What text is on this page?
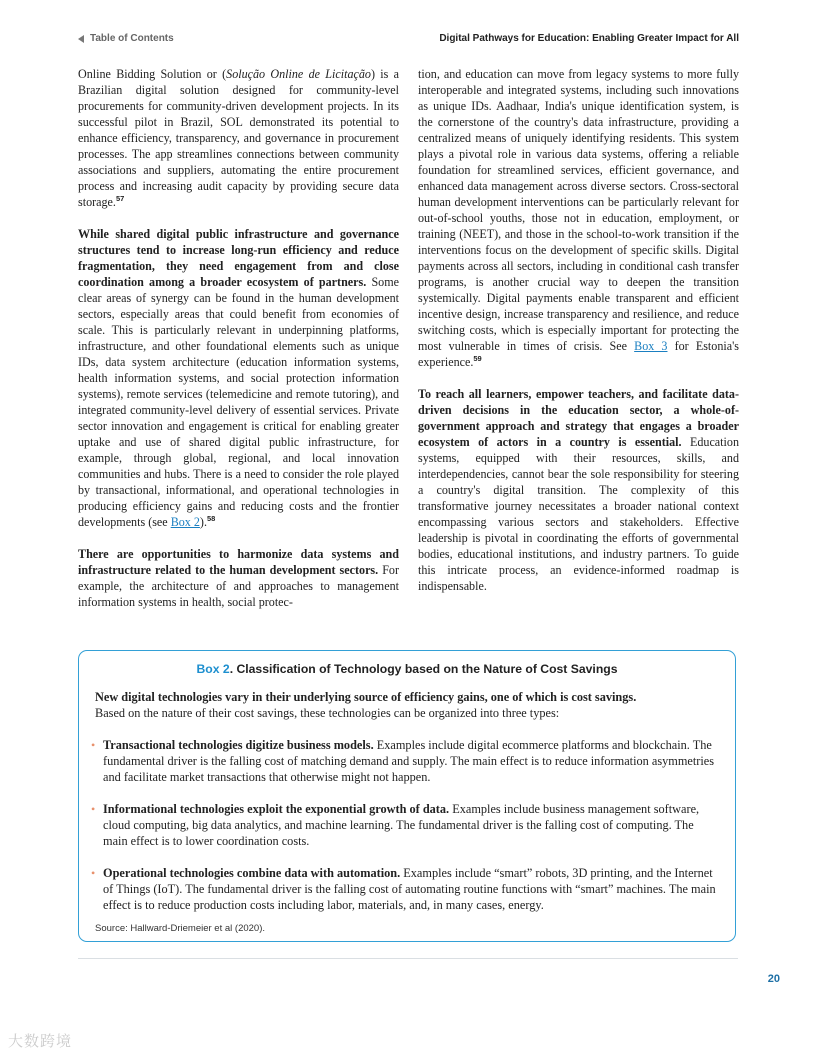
Table of Contents	Digital Pathways for Education: Enabling Greater Impact for All

Online Bidding Solution or (Solução Online de Licitação) is a Brazilian digital solution designed for community-level procurements for community-driven development projects. In its successful pilot in Brazil, SOL demonstrated its potential to enhance efficiency, transparency, and governance in procurement processes. The app streamlines connections between community associations and suppliers, automating the entire procurement process and increasing audit capacity by providing secure data storage.$^{57}$

While shared digital public infrastructure and governance structures tend to increase long-run efficiency and reduce fragmentation, they need engagement from and close coordination among a broader ecosystem of partners. Some clear areas of synergy can be found in the human development sectors, especially areas that could benefit from economies of scale. This is particularly relevant in underpinning platforms, infrastructure, and other foundational elements such as unique IDs, data system architecture (education information systems, health information systems, and social protection information systems), remote services (telemedicine and remote tutoring), and integrated community-level delivery of essential services. Private sector innovation and engagement is critical for enabling greater uptake and use of shared digital public infrastructure, for example, through global, regional, and local innovation communities and hubs. There is a need to consider the role played by transactional, informational, and operational technologies in producing efficiency gains and reducing costs and the frontier developments (see Box 2).$^{58}$

There are opportunities to harmonize data systems and infrastructure related to the human development sectors. For example, the architecture of and approaches to management information systems in health, social protec-

tion, and education can move from legacy systems to more fully interoperable and integrated systems, including such innovations as unique IDs. Aadhaar, India's unique identification system, is the cornerstone of the country's data infrastructure, providing a centralized means of uniquely identifying residents. This system plays a pivotal role in various data systems, offering a reliable foundation for streamlined services, efficient governance, and enhanced data management across diverse sectors. Cross-sectoral human development interventions can be particularly relevant for out-of-school youths, those not in education, employment, or training (NEET), and those in the school-to-work transition if the interventions focus on the development of specific skills. Digital payments across all sectors, including in conditional cash transfer programs, is another crucial way to deepen the transition systemically. Digital payments enable transparent and efficient incentive design, increase transparency and resilience, and reduce switching costs, which is especially important for protecting the most vulnerable in times of crisis. See Box 3 for Estonia's experience.$^{59}$

To reach all learners, empower teachers, and facilitate data-driven decisions in the education sector, a whole-of-government approach and strategy that engages a broader ecosystem of actors in a country is essential. Education systems, equipped with their resources, skills, and interdependencies, cannot bear the sole responsibility for steering a country's digital transition. The complexity of this transformative journey necessitates a broader national context encompassing various sectors and stakeholders. Effective leadership is pivotal in coordinating the efforts of governmental bodies, educational institutions, and industry partners. To guide this intricate process, an evidence-informed roadmap is indispensable.

Box 2. Classification of Technology based on the Nature of Cost Savings

New digital technologies vary in their underlying source of efficiency gains, one of which is cost savings.
Based on the nature of their cost savings, these technologies can be organized into three types:

• Transactional technologies digitize business models. Examples include digital ecommerce platforms and blockchain. The fundamental driver is the falling cost of matching demand and supply. The main effect is to reduce information asymmetries and facilitate market transactions that otherwise might not happen.
• Informational technologies exploit the exponential growth of data. Examples include business management software, cloud computing, big data analytics, and machine learning. The fundamental driver is the falling cost of computing. The main effect is to lower coordination costs.
• Operational technologies combine data with automation. Examples include “smart” robots, 3D printing, and the Internet of Things (IoT). The fundamental driver is the falling cost of automating routine functions with “smart” machines. The main effect is to reduce production costs including labor, materials, and, in many cases, energy.
Source: Hallward-Driemeier et al (2020).
20
大数跨境
